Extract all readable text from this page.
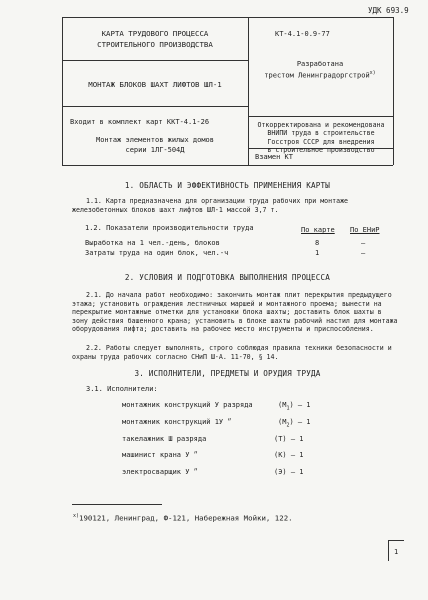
УДК 693.9
КАРТА ТРУДОВОГО ПРОЦЕССА
СТРОИТЕЛЬНОГО ПРОИЗВОДСТВА
МОНТАЖ БЛОКОВ ШАХТ ЛИФТОВ ШЛ-1
Входит в комплект карт ККТ-4.1-26
Монтаж элементов жилых домов
серии 1ЛГ-504Д
КТ-4.1-0.9-77
Разработана
трестом Ленинградоргстрой$^{x)}$
Откорректирована и рекомендована
ВНИПИ труда в строительстве
Госстроя СССР для внедрения
в строительное производство
Взамен КТ
1. ОБЛАСТЬ И ЭФФЕКТИВНОСТЬ ПРИМЕНЕНИЯ КАРТЫ
1.1. Карта предназначена для организации труда рабочих при монтаже железобетонных блоков шахт лифтов ШЛ-1 массой 3,7 т.
1.2. Показатели производительности труда	По карте По ЕНиР
Выработка на 1 чел.-день, блоков	8	–
Затраты труда на один блок, чел.-ч	1	–
2. УСЛОВИЯ И ПОДГОТОВКА ВЫПОЛНЕНИЯ ПРОЦЕССА
2.1. До начала работ необходимо: закончить монтаж плит перекрытия предыдущего этажа; установить ограждения лестничных маршей и монтажного проема; вынести на перекрытие монтажные отметки для установки блока шахты; доставить блок шахты в зону действия башенного крана; установить в блоке шахты рабочий настил для монтажа оборудования лифта; доставить на рабочее место инструменты и приспособления.
2.2. Работы следует выполнять, строго соблюдая правила техники безопасности и охраны труда рабочих согласно СНиП Ш-А. 11-70, § 14.
3. ИСПОЛНИТЕЛИ, ПРЕДМЕТЫ И ОРУДИЯ ТРУДА
3.1. Исполнители:
монтажник конструкций У разряда	$(М_1) - 1$
монтажник конструкций 1У ״	$(М_2) - 1$
такелажник Ш разряда	(Т) – 1
машинист крана У ״	(К) – 1
электросварщик У ״	(Э) – 1
$^{х)}$190121, Ленинград, Ф-121, Набережная Мойки, 122.
1
